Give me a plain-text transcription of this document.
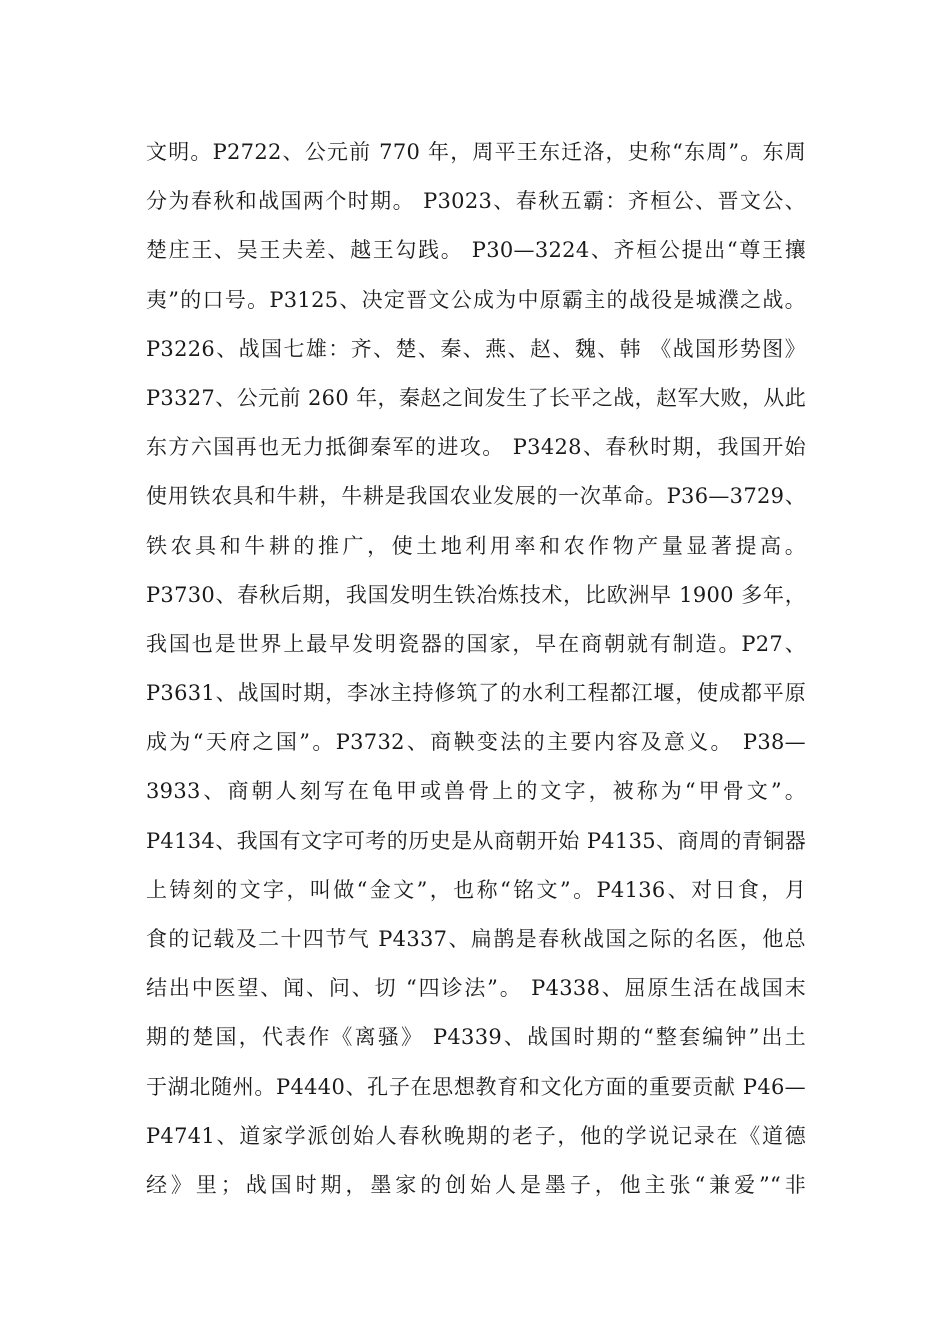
文明。P2722、公元前 770 年，周平王东迁洛，史称“东周”。东周
分为春秋和战国两个时期。 P3023、春秋五霸：齐桓公、晋文公、
楚庄王、吴王夫差、越王勾践。 P30—3224、齐桓公提出“尊王攘
夷”的口号。P3125、决定晋文公成为中原霸主的战役是城濮之战。
P3226、战国七雄：齐、楚、秦、燕、赵、魏、韩 《战国形势图》
P3327、公元前 260 年，秦赵之间发生了长平之战，赵军大败，从此
东方六国再也无力抵御秦军的进攻。 P3428、春秋时期，我国开始
使用铁农具和牛耕，牛耕是我国农业发展的一次革命。P36—3729、
铁农具和牛耕的推广，使土地利用率和农作物产量显著提高。
P3730、春秋后期，我国发明生铁冶炼技术，比欧洲早 1900 多年，
我国也是世界上最早发明瓷器的国家，早在商朝就有制造。P27、
P3631、战国时期，李冰主持修筑了的水利工程都江堰，使成都平原
成为“天府之国”。P3732、商鞅变法的主要内容及意义。 P38—
3933、商朝人刻写在龟甲或兽骨上的文字，被称为“甲骨文”。
P4134、我国有文字可考的历史是从商朝开始 P4135、商周的青铜器
上铸刻的文字，叫做“金文”，也称“铭文”。P4136、对日食，月
食的记载及二十四节气 P4337、扁鹊是春秋战国之际的名医，他总
结出中医望、闻、问、切 “四诊法”。 P4338、屈原生活在战国末
期的楚国，代表作《离骚》 P4339、战国时期的“整套编钟”出土
于湖北随州。P4440、孔子在思想教育和文化方面的重要贡献 P46—
P4741、道家学派创始人春秋晚期的老子，他的学说记录在《道德
经》里；战国时期，墨家的创始人是墨子，他主张“兼爱”“非
